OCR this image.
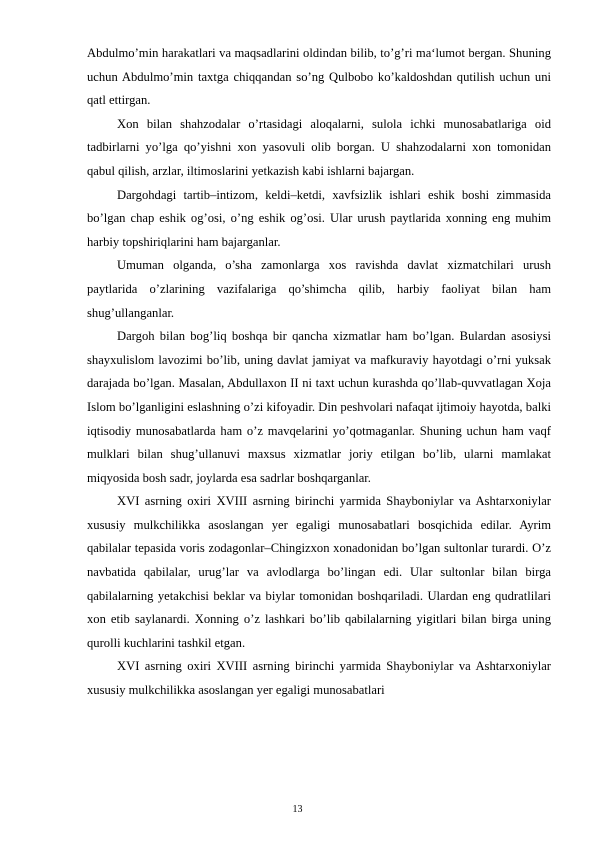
Abdulmo’min harakatlari va maqsadlarini oldindan bilib, to’g’ri ma‘lumot bergan. Shuning uchun Abdulmo’min taxtga chiqqandan so’ng Qulbobo ko’kaldoshdan qutilish uchun uni qatl ettirgan.

Xon bilan shahzodalar o’rtasidagi aloqalarni, sulola ichki munosabatlariga oid tadbirlarni yo’lga qo’yishni xon yasovuli olib borgan. U shahzodalarni xon tomonidan qabul qilish, arzlar, iltimoslarini yetkazish kabi ishlarni bajargan.

Dargohdagi tartib–intizom, keldi–ketdi, xavfsizlik ishlari eshik boshi zimmasida bo’lgan chap eshik og’osi, o’ng eshik og’osi. Ular urush paytlarida xonning eng muhim harbiy topshiriqlarini ham bajarganlar.

Umuman olganda, o’sha zamonlarga xos ravishda davlat xizmatchilari urush paytlarida o’zlarining vazifalariga qo’shimcha qilib, harbiy faoliyat bilan ham shug’ullanganlar.

Dargoh bilan bog’liq boshqa bir qancha xizmatlar ham bo’lgan. Bulardan asosiysi shayxulislom lavozimi bo’lib, uning davlat jamiyat va mafkuraviy hayotdagi o’rni yuksak darajada bo’lgan. Masalan, Abdullaxon II ni taxt uchun kurashda qo’llab-quvvatlagan Xoja Islom bo’lganligini eslashning o’zi kifoyadir. Din peshvolari nafaqat ijtimoiy hayotda, balki iqtisodiy munosabatlarda ham o’z mavqelarini yo’qotmaganlar. Shuning uchun ham vaqf mulklari bilan shug’ullanuvi maxsus xizmatlar joriy etilgan bo’lib, ularni mamlakat miqyosida bosh sadr, joylarda esa sadrlar boshqarganlar.

XVI asrning oxiri XVIII asrning birinchi yarmida Shayboniylar va Ashtarxoniylar xususiy mulkchilikka asoslangan yer egaligi munosabatlari bosqichida edilar. Ayrim qabilalar tepasida voris zodagonlar–Chingizxon xonadonidan bo’lgan sultonlar turardi. O’z navbatida qabilalar, urug’lar va avlodlarga bo’lingan edi. Ular sultonlar bilan birga qabilalarning yetakchisi beklar va biylar tomonidan boshqariladi. Ulardan eng qudratlilari xon etib saylanardi. Xonning o’z lashkari bo’lib qabilalarning yigitlari bilan birga uning qurolli kuchlarini tashkil etgan.

XVI asrning oxiri XVIII asrning birinchi yarmida Shayboniylar va Ashtarxoniylar xususiy mulkchilikka asoslangan yer egaligi munosabatlari

13
